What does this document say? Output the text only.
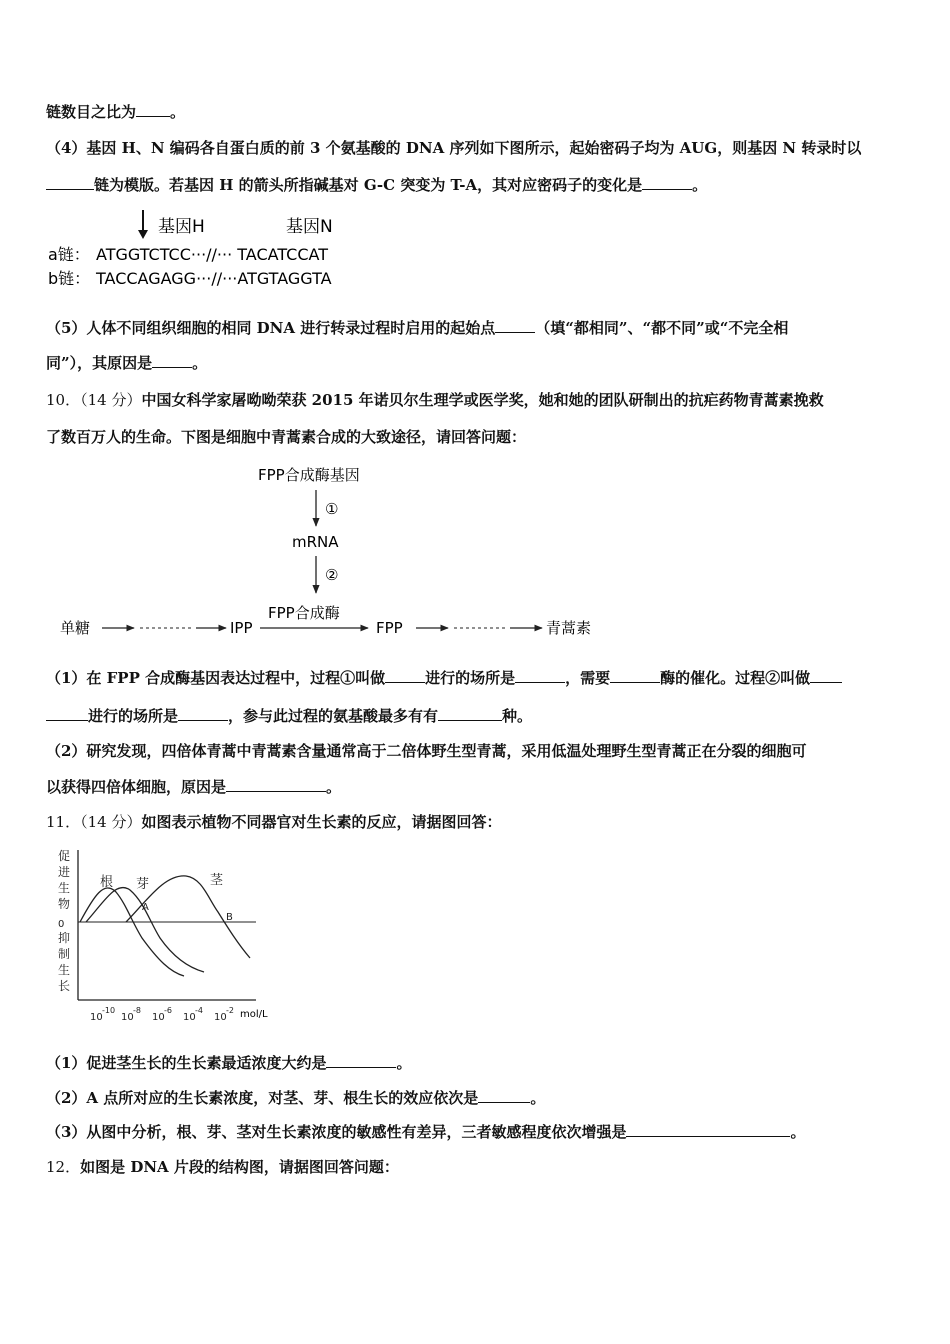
链数目之比为 。
（4）基因 H、N 编码各自蛋白质的前 3 个氨基酸的 DNA 序列如下图所示，起始密码子均为 AUG，则基因 N 转录时以
链为模版。若基因 H 的箭头所指碱基对 G-C 突变为 T-A，其对应密码子的变化是	。
基因H	基因N
a链： ATGGTCTCC···//··· TACATCCAT
b链： TACCAGAGG···//···ATGTAGGTA
（5）人体不同组织细胞的相同 DNA 进行转录过程时启用的起始点	（填“都相同”、“都不同”或“不完全相
同”），其原因是	。
10．（14 分）中国女科学家屠呦呦荣获 2015 年诺贝尔生理学或医学奖，她和她的团队研制出的抗疟药物青蒿素挽救
了数百万人的生命。下图是细胞中青蒿素合成的大致途径，请回答问题：
FPP合成酶基因
①
mRNA
②
单糖	IPP
FPP合成酶
FPP	青蒿素
（1）在 FPP 合成酶基因表达过程中，过程①叫做	进行的场所是	，需要	酶的催化。过程②叫做
进行的场所是	，参与此过程的氨基酸最多有有	种。
（2）研究发现，四倍体青蒿中青蒿素含量通常高于二倍体野生型青蒿，采用低温处理野生型青蒿正在分裂的细胞可
以获得四倍体细胞，原因是	。
11．（14 分）如图表示植物不同器官对生长素的反应，请据图回答：
促
进
生
物
0
抑
制
生
长
根 芽	茎
A
B
10
-10
10
-8
10
-6
10
-4
10
-2 mol/L
（1）促进茎生长的生长素最适浓度大约是	。
（2）A 点所对应的生长素浓度，对茎、芽、根生长的效应依次是	。
（3）从图中分析，根、芽、茎对生长素浓度的敏感性有差异，三者敏感程度依次增强是	。
12．如图是 DNA 片段的结构图，请据图回答问题：
